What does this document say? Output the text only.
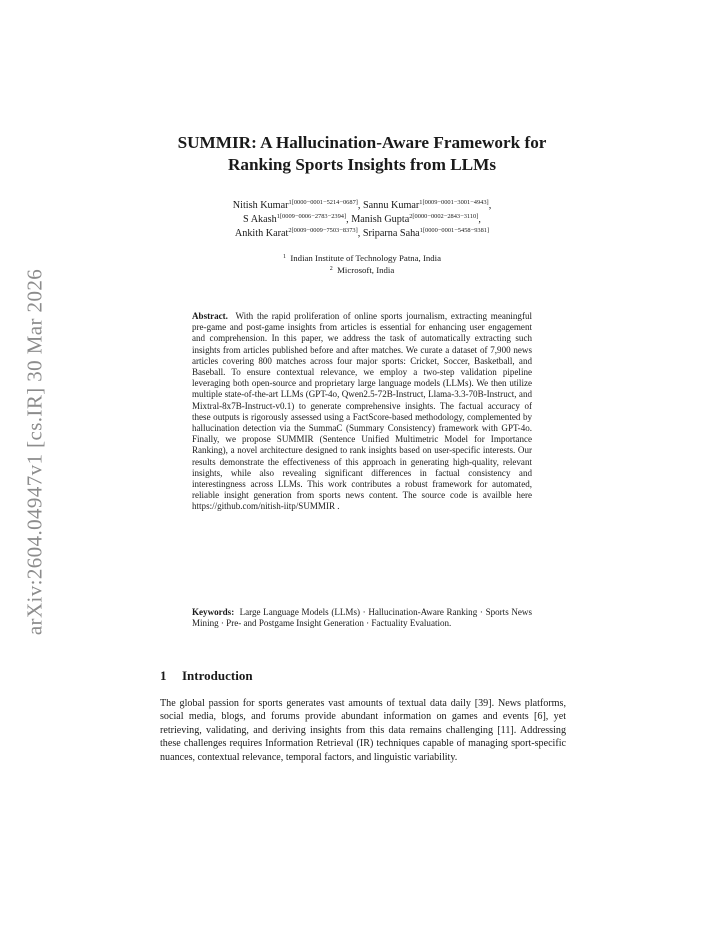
arXiv:2604.04947v1 [cs.IR] 30 Mar 2026
SUMMIR: A Hallucination-Aware Framework for
Ranking Sports Insights from LLMs
Nitish Kumar$^{1[0000-0001-5214-0687]}$, Sannu Kumar$^{1[0009-0001-3001-4943]}$,
S Akash$^{1[0009-0006-2783-2394]}$, Manish Gupta$^{2[0000-0002-2843-3110]}$,
Ankith Karat$^{2[0009-0009-7503-8373]}$, Sriparna Saha$^{1[0000-0001-5458-9381]}$
$^1$ Indian Institute of Technology Patna, India
$^2$ Microsoft, India

Abstract. With the rapid proliferation of online sports journalism, extracting meaningful pre-game and post-game insights from articles is essential for enhancing user engagement and comprehension. In this paper, we address the task of automatically extracting such insights from articles published before and after matches. We curate a dataset of 7,900 news articles covering 800 matches across four major sports: Cricket, Soccer, Basketball, and Baseball. To ensure contextual relevance, we employ a two-step validation pipeline leveraging both open-source and proprietary large language models (LLMs). We then utilize multiple state-of-the-art LLMs (GPT-4o, Qwen2.5-72B-Instruct, Llama-3.3-70B-Instruct, and Mixtral-8x7B-Instruct-v0.1) to generate comprehensive insights. The factual accuracy of these outputs is rigorously assessed using a FactScore-based methodology, complemented by hallucination detection via the SummaC (Summary Consistency) framework with GPT-4o. Finally, we propose SUMMIR (Sentence Unified Multimetric Model for Importance Ranking), a novel architecture designed to rank insights based on user-specific interests. Our results demonstrate the effectiveness of this approach in generating high-quality, relevant insights, while also revealing significant differences in factual consistency and interestingness across LLMs. This work contributes a robust framework for automated, reliable insight generation from sports news content. The source code is availble here https://github.com/nitish-iitp/SUMMIR .

Keywords: Large Language Models (LLMs) · Hallucination-Aware Ranking · Sports News Mining · Pre- and Postgame Insight Generation · Factuality Evaluation.

1 Introduction

The global passion for sports generates vast amounts of textual data daily [39]. News platforms, social media, blogs, and forums provide abundant information on games and events [6], yet retrieving, validating, and deriving insights from this data remains challenging [11]. Addressing these challenges requires Information Retrieval (IR) techniques capable of managing sport-specific nuances, contextual relevance, temporal factors, and linguistic variability.
